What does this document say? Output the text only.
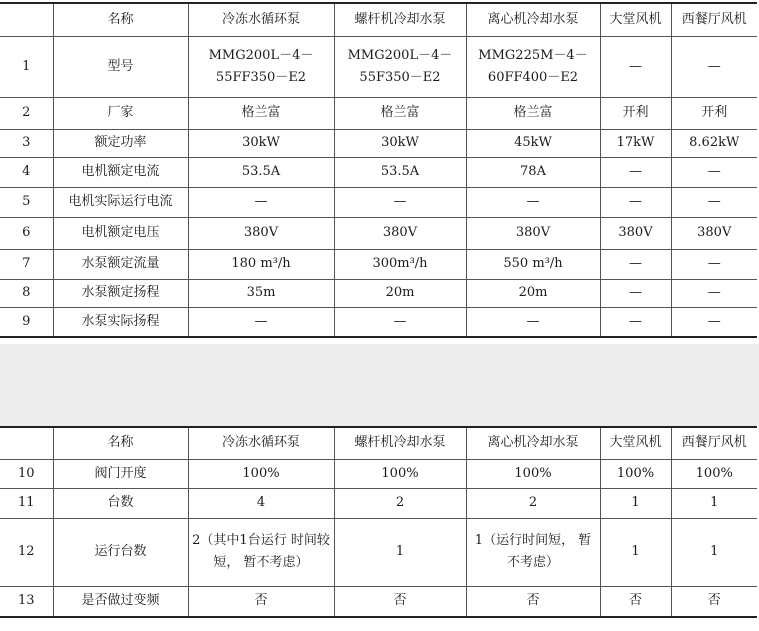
	名称	冷冻水循环泵	螺杆机冷却水泵	离心机冷却水泵	大堂风机	西餐厅风机
1	型号	MMG200L－4－ 55FF350－E2	MMG200L－4－ 55F350－E2	MMG225M－4－ 60FF400－E2	—	—
2	厂家	格兰富	格兰富	格兰富	开利	开利
3	额定功率	30kW	30kW	45kW	17kW	8.62kW
4	电机额定电流	53.5A	53.5A	78A	—	—
5	电机实际运行电流	—	—	—	—	—
6	电机额定电压	380V	380V	380V	380V	380V
7	水泵额定流量	180 m³/h	300m³/h	550 m³/h	—	—
8	水泵额定扬程	35m	20m	20m	—	—
9	水泵实际扬程	—	—	—	—	—
	名称	冷冻水循环泵	螺杆机冷却水泵	离心机冷却水泵	大堂风机	西餐厅风机
10	阀门开度	100%	100%	100%	100%	100%
11	台数	4	2	2	1	1
12	运行台数	2（其中1台运行 时间较短， 暂不考虑）	1	1（运行时间短， 暂不考虑）	1	1
13	是否做过变频	否	否	否	否	否
